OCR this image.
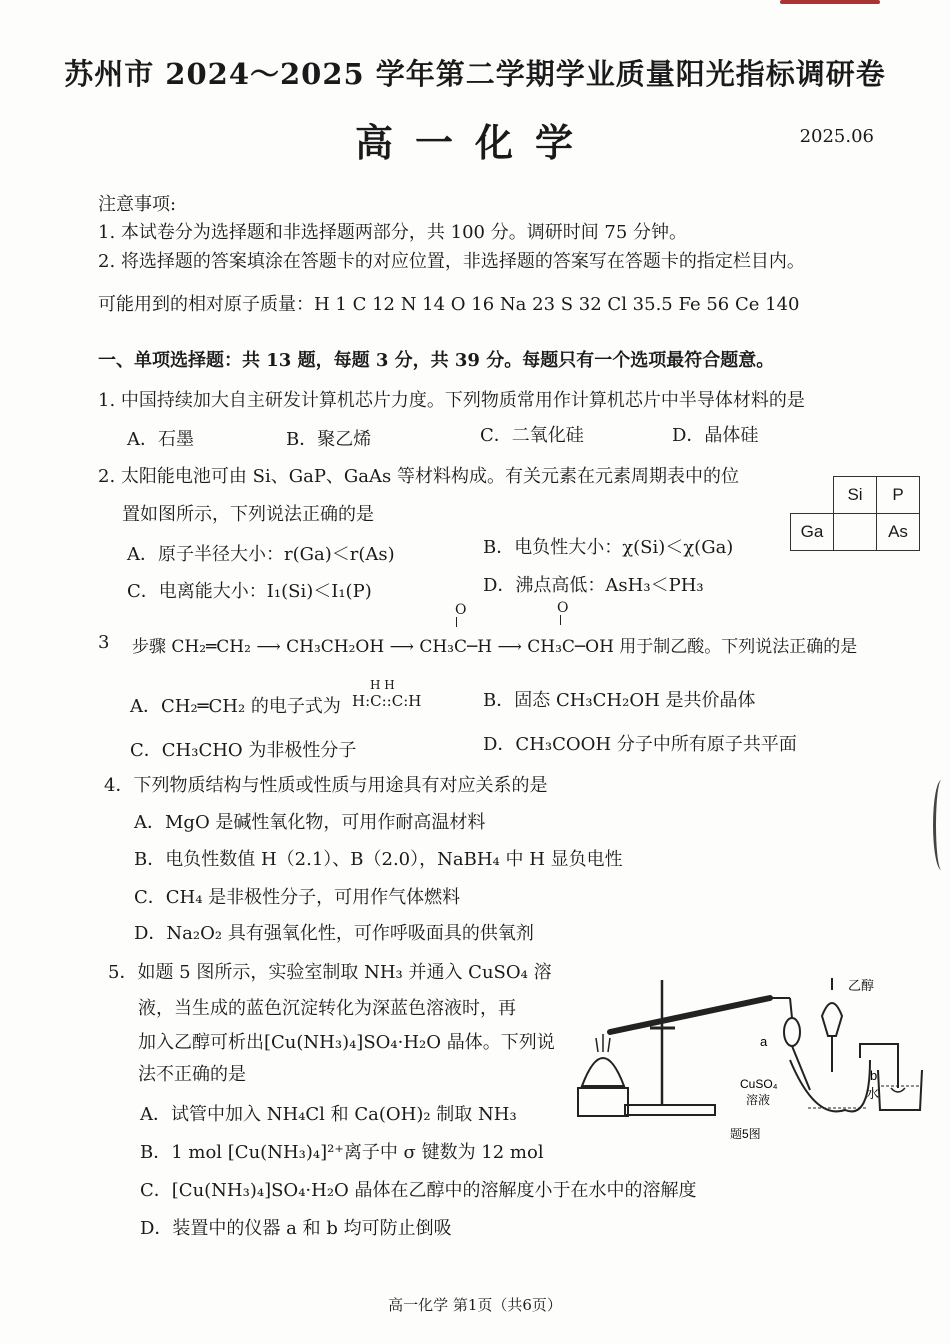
苏州市 2024～2025 学年第二学期学业质量阳光指标调研卷
高一化学	2025.06
注意事项:
1. 本试卷分为选择题和非选择题两部分，共 100 分。调研时间 75 分钟。
2. 将选择题的答案填涂在答题卡的对应位置，非选择题的答案写在答题卡的指定栏目内。
可能用到的相对原子质量：H 1 C 12 N 14 O 16 Na 23 S 32 Cl 35.5 Fe 56 Ce 140
一、单项选择题：共 13 题，每题 3 分，共 39 分。每题只有一个选项最符合题意。
1. 中国持续加大自主研发计算机芯片力度。下列物质常用作计算机芯片中半导体材料的是
A．石墨	B．聚乙烯	C．二氧化硅	D．晶体硅
2. 太阳能电池可由 Si、GaP、GaAs 等材料构成。有关元素在元素周期表中的位
置如图所示，下列说法正确的是
	Si	P
Ga		As
A．原子半径大小：r(Ga)＜r(As)	B．电负性大小：χ(Si)＜χ(Ga)
C．电离能大小：I₁(Si)＜I₁(P)	D．沸点高低：AsH₃＜PH₃
O	O
3 步骤 CH₂═CH₂ ⟶ CH₃CH₂OH ⟶ CH₃C─H ⟶ CH₃C─OH 用于制乙酸。下列说法正确的是
A．CH₂═CH₂ 的电子式为
H H
H:C::C:H	B．固态 CH₃CH₂OH 是共价晶体
C．CH₃CHO 为非极性分子	D．CH₃COOH 分子中所有原子共平面
4．下列物质结构与性质或性质与用途具有对应关系的是
A．MgO 是碱性氧化物，可用作耐高温材料
B．电负性数值 H（2.1）、B（2.0），NaBH₄ 中 H 显负电性
C．CH₄ 是非极性分子，可用作气体燃料
D．Na₂O₂ 具有强氧化性，可作呼吸面具的供氧剂
5．如题 5 图所示，实验室制取 NH₃ 并通入 CuSO₄ 溶
液，当生成的蓝色沉淀转化为深蓝色溶液时，再
加入乙醇可析出[Cu(NH₃)₄]SO₄·H₂O 晶体。下列说
法不正确的是
乙醇
a
CuSO₄
溶液
b
水
题5图
A．试管中加入 NH₄Cl 和 Ca(OH)₂ 制取 NH₃
B．1 mol [Cu(NH₃)₄]²⁺离子中 σ 键数为 12 mol
C．[Cu(NH₃)₄]SO₄·H₂O 晶体在乙醇中的溶解度小于在水中的溶解度
D．装置中的仪器 a 和 b 均可防止倒吸
高一化学 第1页（共6页）
